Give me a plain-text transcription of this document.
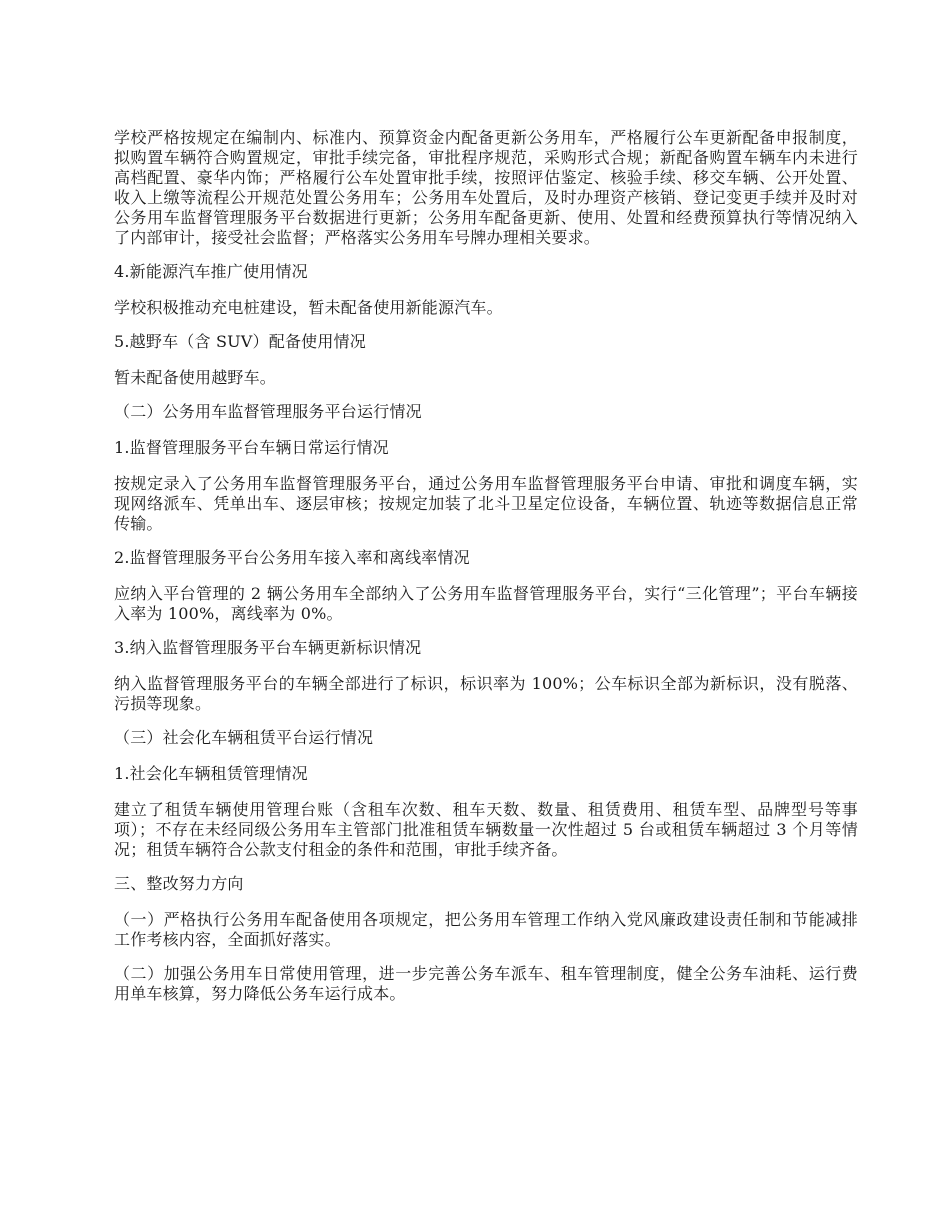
学校严格按规定在编制内、标准内、预算资金内配备更新公务用车，严格履行公车更新配备申报制度，拟购置车辆符合购置规定，审批手续完备，审批程序规范，采购形式合规；新配备购置车辆车内未进行高档配置、豪华内饰；严格履行公车处置审批手续，按照评估鉴定、核验手续、移交车辆、公开处置、收入上缴等流程公开规范处置公务用车；公务用车处置后，及时办理资产核销、登记变更手续并及时对公务用车监督管理服务平台数据进行更新；公务用车配备更新、使用、处置和经费预算执行等情况纳入了内部审计，接受社会监督；严格落实公务用车号牌办理相关要求。

4.新能源汽车推广使用情况

学校积极推动充电桩建设，暂未配备使用新能源汽车。

5.越野车（含 SUV）配备使用情况

暂未配备使用越野车。

（二）公务用车监督管理服务平台运行情况

1.监督管理服务平台车辆日常运行情况

按规定录入了公务用车监督管理服务平台，通过公务用车监督管理服务平台申请、审批和调度车辆，实现网络派车、凭单出车、逐层审核；按规定加装了北斗卫星定位设备，车辆位置、轨迹等数据信息正常传输。

2.监督管理服务平台公务用车接入率和离线率情况

应纳入平台管理的 2 辆公务用车全部纳入了公务用车监督管理服务平台，实行“三化管理”；平台车辆接入率为 100%，离线率为 0%。

3.纳入监督管理服务平台车辆更新标识情况

纳入监督管理服务平台的车辆全部进行了标识，标识率为 100%；公车标识全部为新标识，没有脱落、污损等现象。

（三）社会化车辆租赁平台运行情况

1.社会化车辆租赁管理情况

建立了租赁车辆使用管理台账（含租车次数、租车天数、数量、租赁费用、租赁车型、品牌型号等事项）；不存在未经同级公务用车主管部门批准租赁车辆数量一次性超过 5 台或租赁车辆超过 3 个月等情况；租赁车辆符合公款支付租金的条件和范围，审批手续齐备。

三、整改努力方向

（一）严格执行公务用车配备使用各项规定，把公务用车管理工作纳入党风廉政建设责任制和节能减排工作考核内容，全面抓好落实。

（二）加强公务用车日常使用管理，进一步完善公务车派车、租车管理制度，健全公务车油耗、运行费用单车核算，努力降低公务车运行成本。
